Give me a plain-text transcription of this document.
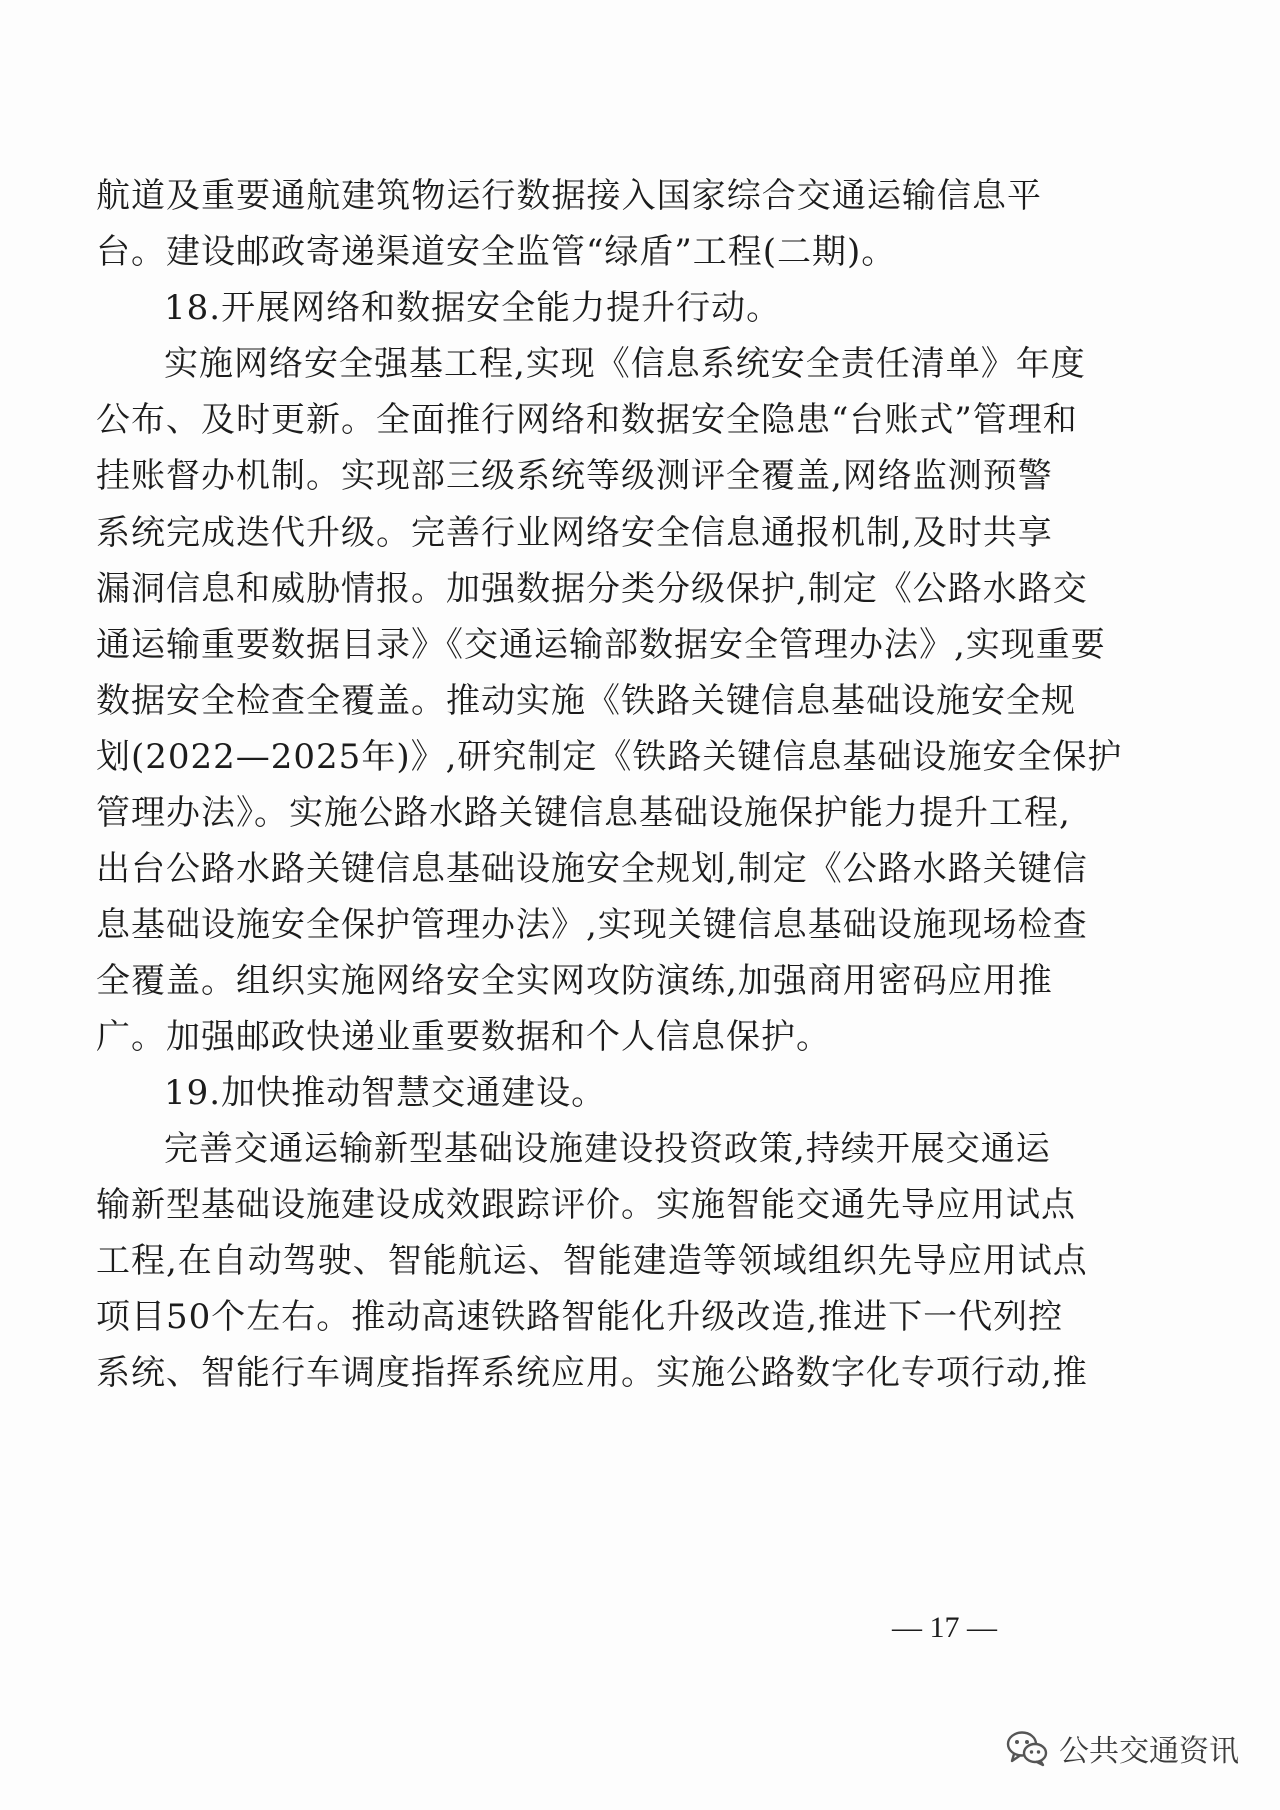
航道及重要通航建筑物运行数据接入国家综合交通运输信息平
台。建设邮政寄递渠道安全监管“绿盾”工程(二期)。
18.开展网络和数据安全能力提升行动。
实施网络安全强基工程,实现《信息系统安全责任清单》年度
公布、及时更新。全面推行网络和数据安全隐患“台账式”管理和
挂账督办机制。实现部三级系统等级测评全覆盖,网络监测预警
系统完成迭代升级。完善行业网络安全信息通报机制,及时共享
漏洞信息和威胁情报。加强数据分类分级保护,制定《公路水路交
通运输重要数据目录》《交通运输部数据安全管理办法》,实现重要
数据安全检查全覆盖。推动实施《铁路关键信息基础设施安全规
划(2022—2025年)》,研究制定《铁路关键信息基础设施安全保护
管理办法》。实施公路水路关键信息基础设施保护能力提升工程,
出台公路水路关键信息基础设施安全规划,制定《公路水路关键信
息基础设施安全保护管理办法》,实现关键信息基础设施现场检查
全覆盖。组织实施网络安全实网攻防演练,加强商用密码应用推
广。加强邮政快递业重要数据和个人信息保护。
19.加快推动智慧交通建设。
完善交通运输新型基础设施建设投资政策,持续开展交通运
输新型基础设施建设成效跟踪评价。实施智能交通先导应用试点
工程,在自动驾驶、智能航运、智能建造等领域组织先导应用试点
项目50个左右。推动高速铁路智能化升级改造,推进下一代列控
系统、智能行车调度指挥系统应用。实施公路数字化专项行动,推
— 17 —
公共交通资讯
